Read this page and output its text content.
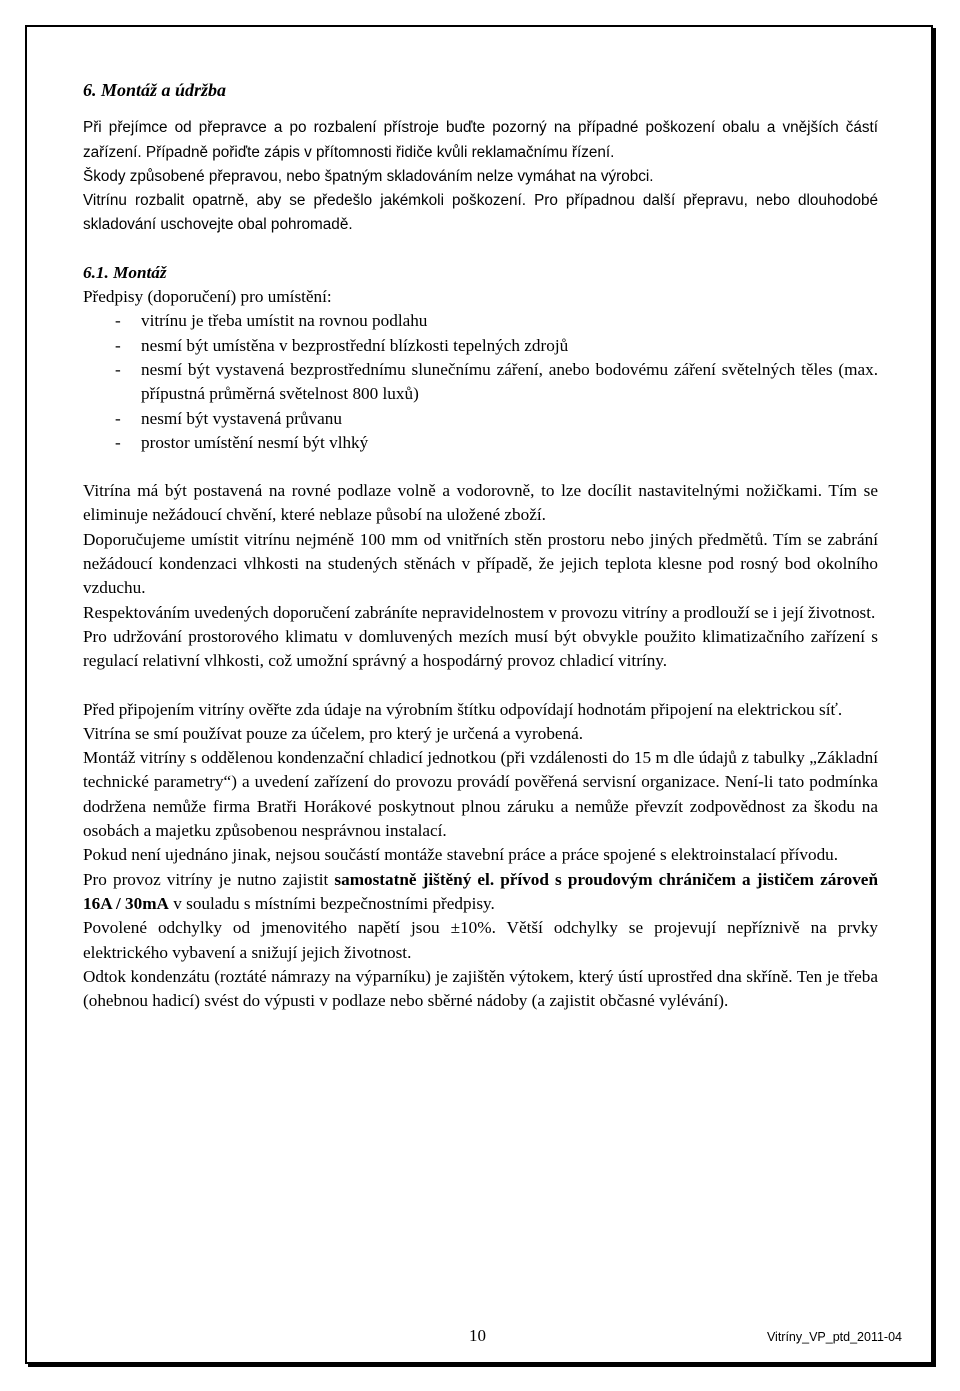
6. Montáž a údržba

Při přejímce od přepravce a po rozbalení přístroje buďte pozorný na případné poškození obalu a vnějších částí zařízení. Případně pořiďte zápis v přítomnosti řidiče kvůli reklamačnímu řízení.

Škody způsobené přepravou, nebo špatným skladováním nelze vymáhat na výrobci.

Vitrínu rozbalit opatrně, aby se předešlo jakémkoli poškození. Pro případnou další přepravu, nebo dlouhodobé skladování uschovejte obal pohromadě.

6.1. Montáž

Předpisy (doporučení) pro umístění:

- vitrínu je třeba umístit na rovnou podlahu
- nesmí být umístěna v bezprostřední blízkosti tepelných zdrojů
- nesmí být vystavená bezprostřednímu slunečnímu záření, anebo bodovému záření světelných těles (max. přípustná průměrná světelnost 800 luxů)
- nesmí být vystavená průvanu
- prostor umístění nesmí být vlhký

Vitrína má být postavená na rovné podlaze volně a vodorovně, to lze docílit nastavitelnými nožičkami. Tím se eliminuje nežádoucí chvění, které neblaze působí na uložené zboží.

Doporučujeme umístit vitrínu nejméně 100 mm od vnitřních stěn prostoru nebo jiných předmětů. Tím se zabrání nežádoucí kondenzaci vlhkosti na studených stěnách v případě, že jejich teplota klesne pod rosný bod okolního vzduchu.

Respektováním uvedených doporučení zabráníte nepravidelnostem v provozu vitríny a prodlouží se i její životnost.

Pro udržování prostorového klimatu v domluvených mezích musí být obvykle použito klimatizačního zařízení s regulací relativní vlhkosti, což umožní správný a hospodárný provoz chladicí vitríny.

Před připojením vitríny ověřte zda údaje na výrobním štítku odpovídají hodnotám připojení na elektrickou síť.

Vitrína se smí používat pouze za účelem, pro který je určená a vyrobená.

Montáž vitríny s oddělenou kondenzační chladicí jednotkou (při vzdálenosti do 15 m dle údajů z tabulky „Základní technické parametry“) a uvedení zařízení do provozu provádí pověřená servisní organizace. Není-li tato podmínka dodržena nemůže firma Bratři Horákové poskytnout plnou záruku a nemůže převzít zodpovědnost za škodu na osobách a majetku způsobenou nesprávnou instalací.

Pokud není ujednáno jinak, nejsou součástí montáže stavební práce a práce spojené s elektroinstalací přívodu.

Pro provoz vitríny je nutno zajistit samostatně jištěný el. přívod s proudovým chráničem a jističem zároveň 16A / 30mA v souladu s místními bezpečnostními předpisy.

Povolené odchylky od jmenovitého napětí jsou ±10%. Větší odchylky se projevují nepříznivě na prvky elektrického vybavení a snižují jejich životnost.

Odtok kondenzátu (roztáté námrazy na výparníku) je zajištěn výtokem, který ústí uprostřed dna skříně. Ten je třeba (ohebnou hadicí) svést do výpusti v podlaze nebo sběrné nádoby (a zajistit občasné vylévání).

10	Vitríny_VP_ptd_2011-04
